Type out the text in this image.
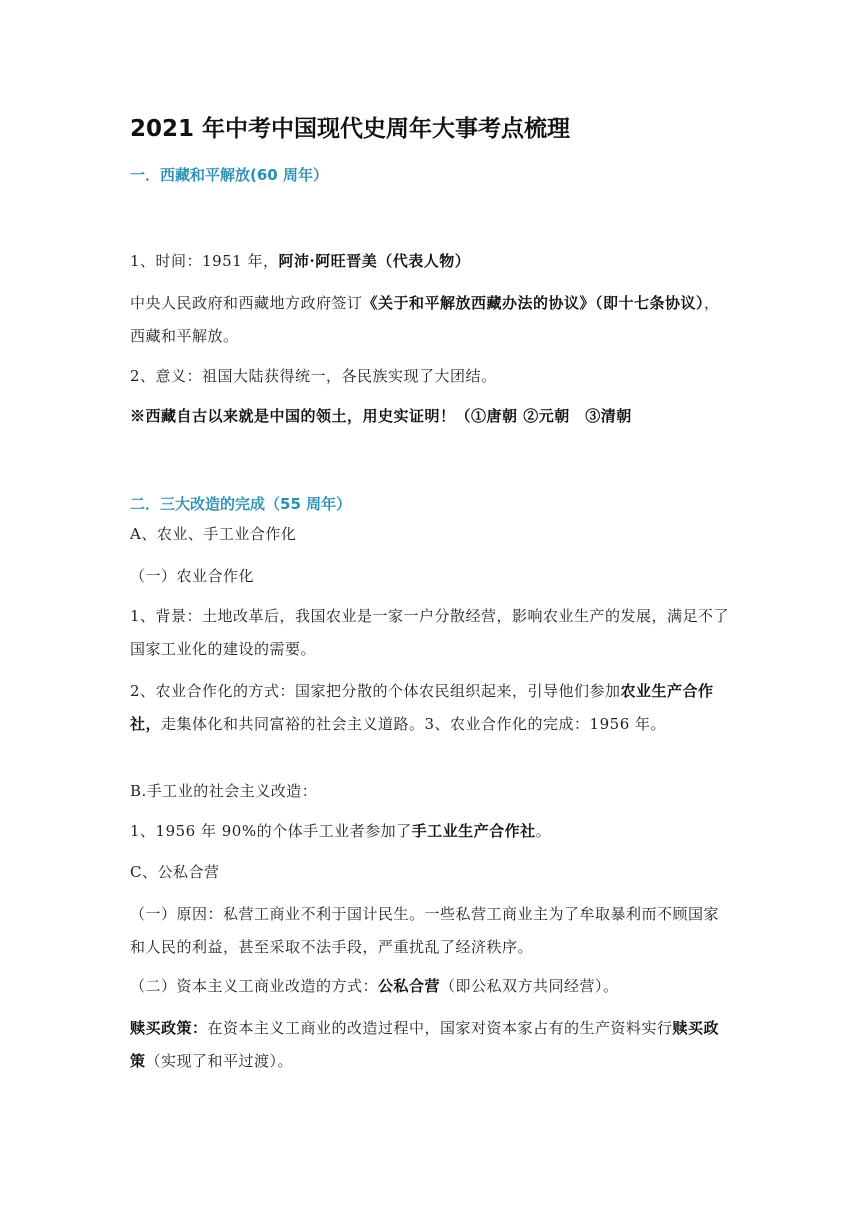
2021 年中考中国现代史周年大事考点梳理
一．西藏和平解放(60 周年）
1、时间：1951 年，阿沛·阿旺晋美（代表人物）
中央人民政府和西藏地方政府签订《关于和平解放西藏办法的协议》（即十七条协议），西藏和平解放。
2、意义：祖国大陆获得统一，各民族实现了大团结。
※西藏自古以来就是中国的领土，用史实证明！（①唐朝 ②元朝　③清朝
二．三大改造的完成（55 周年）
A、农业、手工业合作化
（一）农业合作化
1、背景：土地改革后，我国农业是一家一户分散经营，影响农业生产的发展，满足不了国家工业化的建设的需要。
2、农业合作化的方式：国家把分散的个体农民组织起来，引导他们参加农业生产合作社，走集体化和共同富裕的社会主义道路。3、农业合作化的完成：1956 年。
B.手工业的社会主义改造：
1、1956 年 90%的个体手工业者参加了手工业生产合作社。
C、公私合营
（一）原因：私营工商业不利于国计民生。一些私营工商业主为了牟取暴利而不顾国家和人民的利益，甚至采取不法手段，严重扰乱了经济秩序。
（二）资本主义工商业改造的方式：公私合营（即公私双方共同经营）。
赎买政策：在资本主义工商业的改造过程中，国家对资本家占有的生产资料实行赎买政策（实现了和平过渡）。
